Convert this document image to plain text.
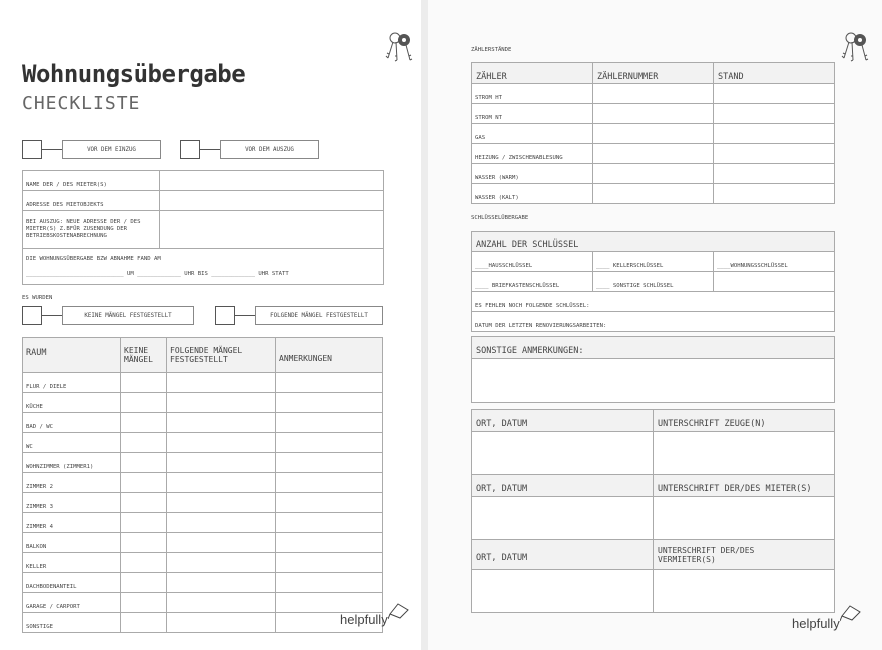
Wohnungsübergabe
CHECKLISTE
VOR DEM EINZUG	VOR DEM AUSZUG
NAME DER / DES MIETER(S)	
ADRESSE DES MIETOBJEKTS	

BEI AUSZUG: NEUE ADRESSE DER / DES MIETER(S) Z.BFÜR ZUSENDUNG DER BETRIEBSKOSTENABRECHNUNG	

DIE WOHNUNGSÜBERGABE BZW ABNAHME FAND AM
_____________________________ UM _____________ UHR BIS _____________ UHR STATT	
ES WURDEN
KEINE MÄNGEL FESTGESTELLT	FOLGENDE MÄNGEL FESTGESTELLT
RAUM	KEINE MÄNGEL	FOLGENDE MÄNGEL FESTGESTELLT	ANMERKUNGEN
FLUR / DIELE			
KÜCHE			
BAD / WC			
WC			
WOHNZIMMER (ZIMMER1)			
ZIMMER 2			
ZIMMER 3			
ZIMMER 4			
BALKON			
KELLER			
DACHBODENANTEIL			
GARAGE / CARPORT			
SONSTIGE				helpfully
ZÄHLERSTÄNDE
ZÄHLER	ZÄHLERNUMMER	STAND
STROM HT		
STROM NT		
GAS		
HEIZUNG / ZWISCHENABLESUNG		
WASSER (WARM)		
WASSER (KALT)		
SCHLÜSSELÜBERGABE
ANZAHL DER SCHLÜSSEL		
____HAUSSCHLÜSSEL	____ KELLERSCHLÜSSEL	____WOHNUNGSSCHLÜSSEL
____ BRIEFKASTENSCHLÜSSEL	____ SONSTIGE SCHLÜSSEL	
ES FEHLEN NOCH FOLGENDE SCHLÜSSEL:		
DATUM DER LETZTEN RENOVIERUNGSARBEITEN:		
SONSTIGE ANMERKUNGEN:

ORT, DATUM	UNTERSCHRIFT ZEUGE(N)

ORT, DATUM	UNTERSCHRIFT DER/DES MIETER(S)

ORT, DATUM	UNTERSCHRIFT DER/DES VERMIETER(S)

helpfully
